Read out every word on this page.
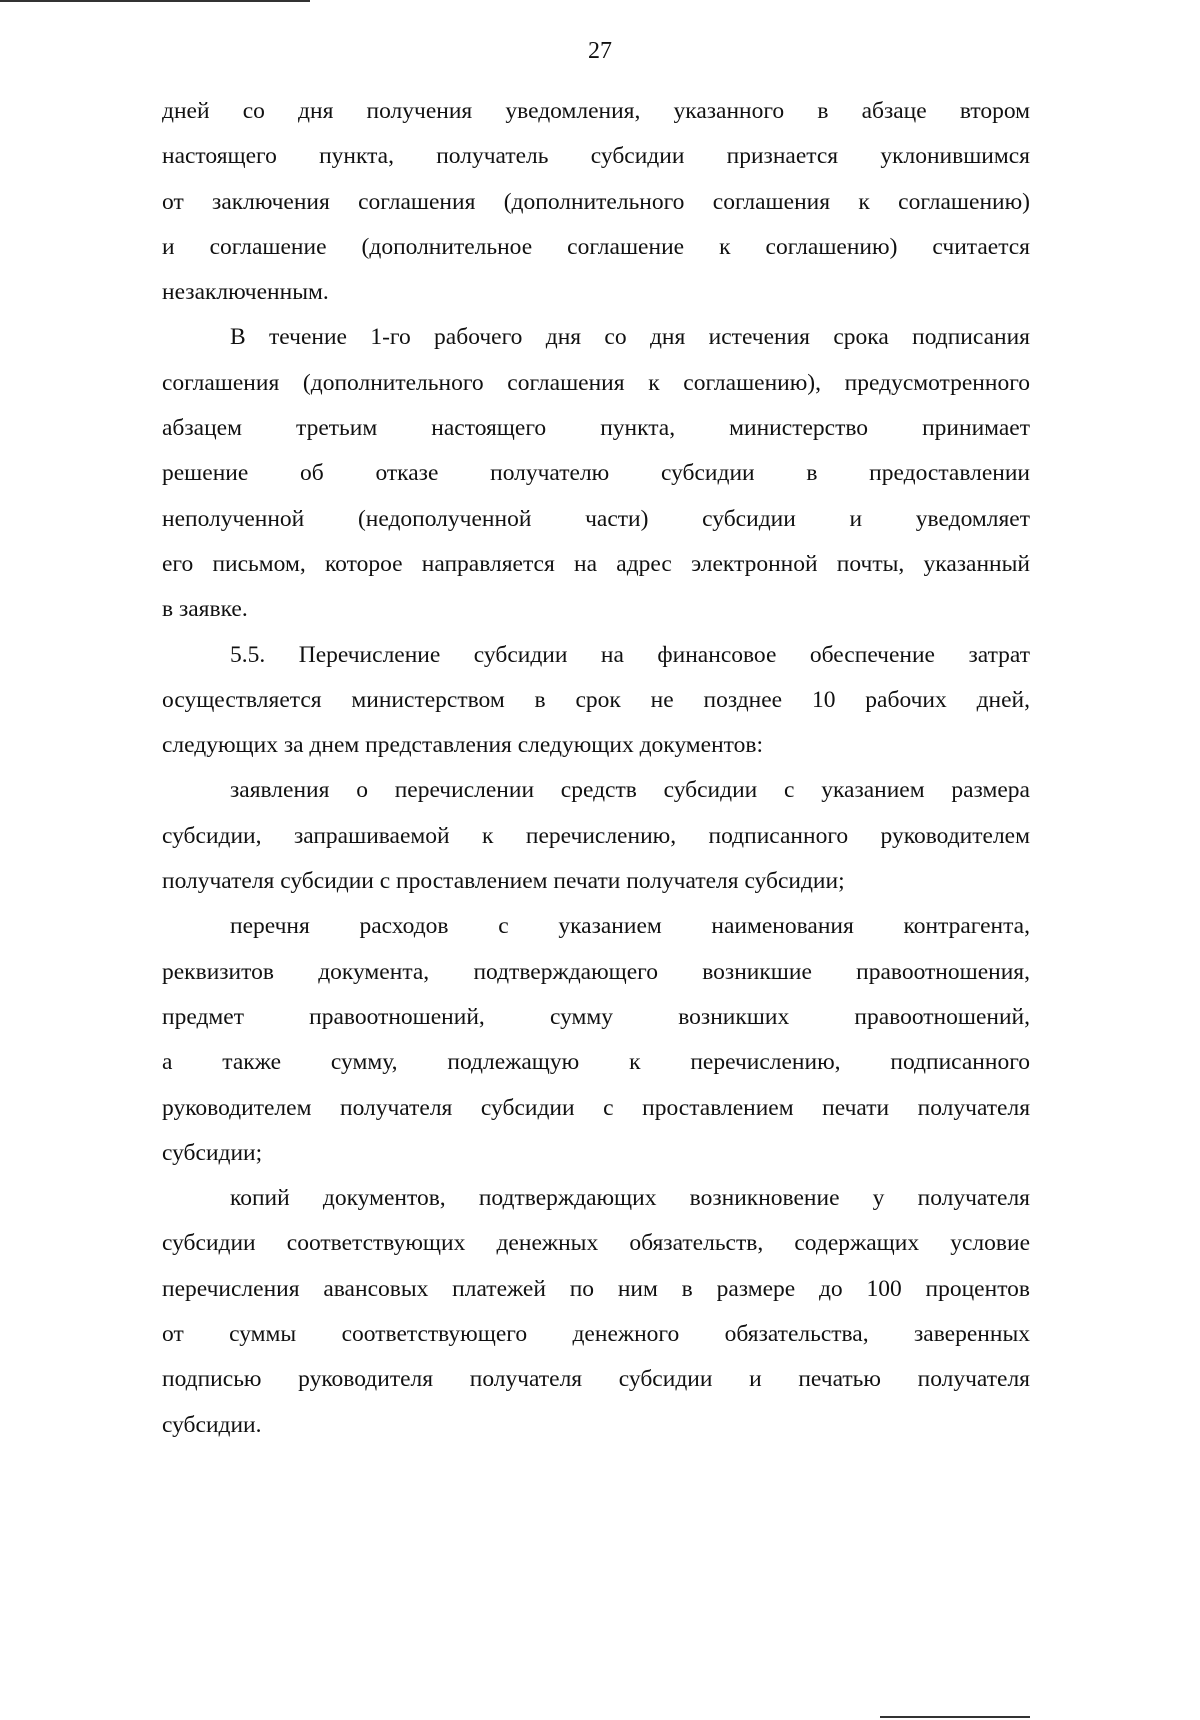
27
дней со дня получения уведомления, указанного в абзаце втором
настоящего пункта, получатель субсидии признается уклонившимся
от заключения соглашения (дополнительного соглашения к соглашению)
и соглашение (дополнительное соглашение к соглашению) считается
незаключенным.
В течение 1-го рабочего дня со дня истечения срока подписания
соглашения (дополнительного соглашения к соглашению), предусмотренного
абзацем третьим настоящего пункта, министерство принимает
решение об отказе получателю субсидии в предоставлении
неполученной (недополученной части) субсидии и уведомляет
его письмом, которое направляется на адрес электронной почты, указанный
в заявке.
5.5. Перечисление субсидии на финансовое обеспечение затрат
осуществляется министерством в срок не позднее 10 рабочих дней,
следующих за днем представления следующих документов:
заявления о перечислении средств субсидии с указанием размера
субсидии, запрашиваемой к перечислению, подписанного руководителем
получателя субсидии с проставлением печати получателя субсидии;
перечня расходов с указанием наименования контрагента,
реквизитов документа, подтверждающего возникшие правоотношения,
предмет правоотношений, сумму возникших правоотношений,
а также сумму, подлежащую к перечислению, подписанного
руководителем получателя субсидии с проставлением печати получателя
субсидии;
копий документов, подтверждающих возникновение у получателя
субсидии соответствующих денежных обязательств, содержащих условие
перечисления авансовых платежей по ним в размере до 100 процентов
от суммы соответствующего денежного обязательства, заверенных
подписью руководителя получателя субсидии и печатью получателя
субсидии.
